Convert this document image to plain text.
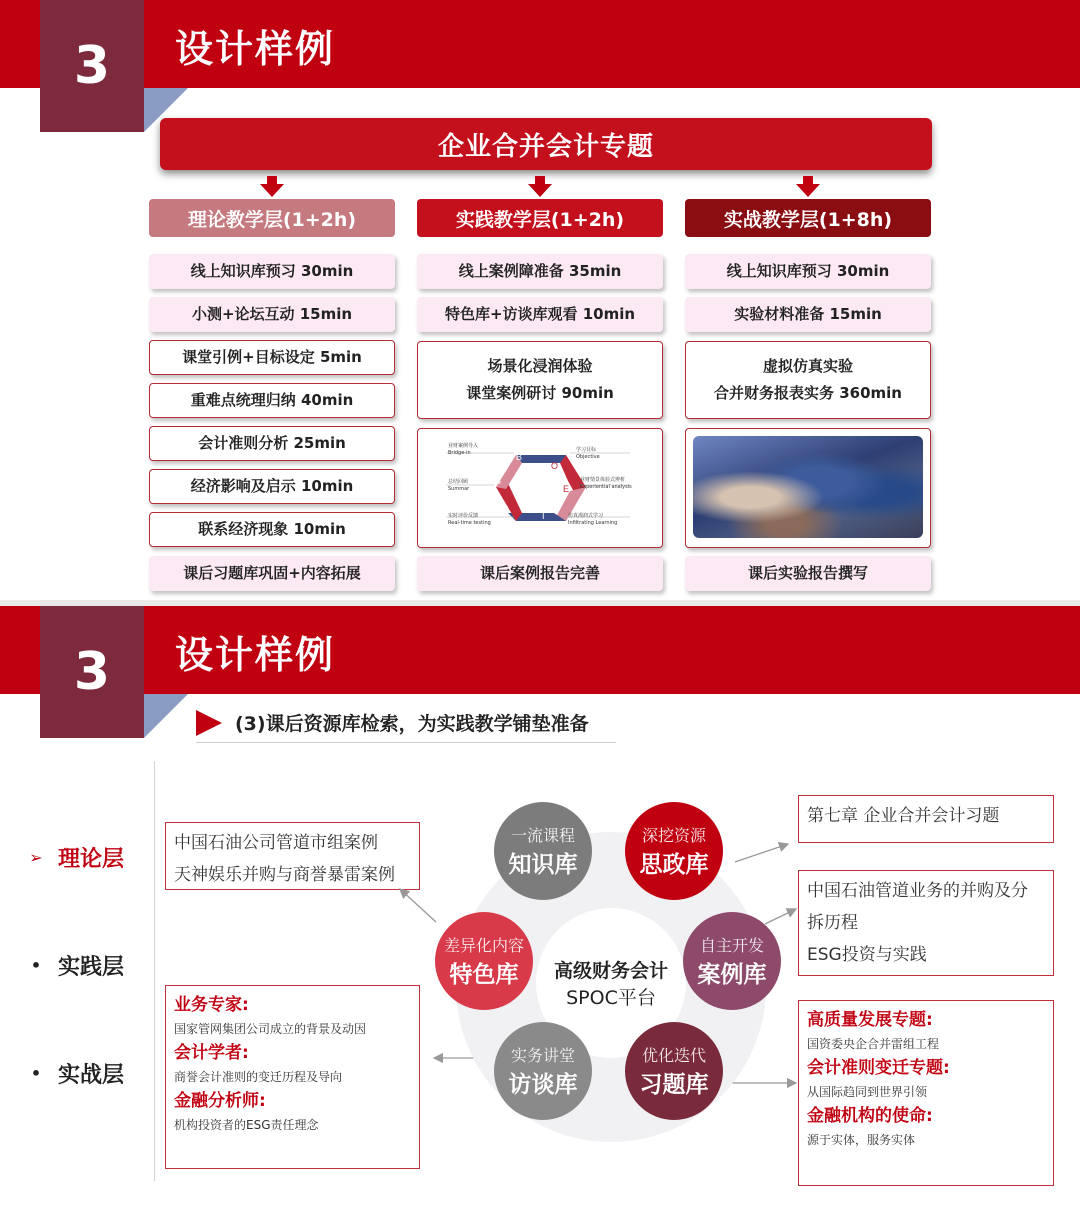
3	设计样例
企业合并会计专题
理论教学层(1+2h)
线上知识库预习 30min
小测+论坛互动 15min
课堂引例+目标设定 5min
重难点统理归纳 40min
会计准则分析 25min
经济影响及启示 10min
联系经济现象 10min
课后习题库巩固+内容拓展
实践教学层(1+2h)
线上案例障准备 35min
特色库+访谈库观看 10min
场景化浸润体验
课堂案例研讨 90min
B
O
E
I
R
S
业财案例导入
Bridge-in	学习目标
Objective
业财情景体验式辨析
Experiential analysis
仿真漫润式学习
Infiltrating Learning
实时评价反馈
Real-time testing
总结回顾
Summar
课后案例报告完善
实战教学层(1+8h)
线上知识库预习 30min
实验材料准备 15min
虚拟仿真实验
合并财务报表实务 360min
课后实验报告撰写
3	设计样例
(3)课后资源库检索，为实践教学铺垫准备
➢ 理论层
• 实践层
• 实战层
中国石油公司管道市组案例
天神娱乐并购与商誉暴雷案例
业务专家:
国家管网集团公司成立的背景及动因
会计学者:
商誉会计准则的变迁历程及导向
金融分析师:
机构投资者的ESG责任理念
第七章 企业合并会计习题
中国石油管道业务的并购及分
拆历程
ESG投资与实践
高质量发展专题:
国资委央企合并雷组工程
会计准则变迁专题:
从国际趋同到世界引领
金融机构的使命:
源于实体，服务实体
高级财务会计
SPOC平台
一流课程
知识库
深挖资源
思政库
自主开发
案例库
优化迭代
习题库
实务讲堂
访谈库
差异化内容
特色库
